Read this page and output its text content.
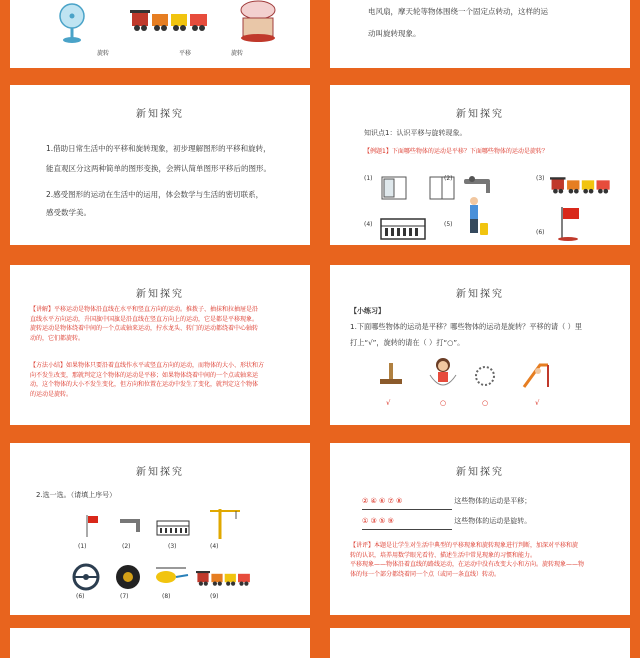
旋转	平移	旋转
电风扇，摩天轮等物体围绕一个固定点转动，这样的运
动叫旋转现象。
新知探究
1.借助日常生活中的平移和旋转现象，初步理解图形的平移和旋转，
能直观区分这两种简单的图形变换，会辨认简单图形平移后的图形。
2.感受图形的运动在生活中的运用，体会数学与生活的密切联系，
感受数学美。
新知探究
知识点1：认识平移与旋转现象。
【例题1】下面哪些物体的运动是平移？下面哪些物体的运动是旋转？
(1)	(2)	(3)
(4)	(5)
(6)
新知探究
【讲解】平移运动是物体沿直线在水平和竖直方向的运动。推拨子、抽抹和拉抽屉是沿
直线水平方向运动，升国旗中国旗是沿直线在竖直方向上的运动，它是都是平移现象。
旋转运动是物体绕着中间的一个点或轴来运动，拧水龙头、转门的运动都绕着中心轴转
动的，它们都旋转。
【方法小结】如果物体只要沿着直线作水平或竖直方向的运动，而物体的大小、形状和方
向不发生改变，那就判定这个物体的运动是平移；如果物体绕着中间的一个点或轴来运
动，这个物体的大小不发生变化，但方向和位置在运动中发生了变化，就判定这个物体
的运动是旋转。
新知探究
【小练习】
1.下面哪些物体的运动是平移？哪些物体的运动是旋转？平移的请（ ）里
打上“√”，旋转的请在（ ）打“○”。
√	○	○	√
新知探究
2.选一选。（请填上序号）
(1)	(2)	(3)	(4)
(6)	(7)	(8)	(9)
新知探究
② ④ ⑥ ⑦ ⑧	这些物体的运动是平移；
① ③ ⑤ ⑨	这些物体的运动是旋转。
【讲评】本题是让学生对生活中典型的平移现象和旋转现象进行判断，加深对平移和旋
转的认识，培养用数学眼光看待、描述生活中常见现象的习惯和能力。
平移现象——物体沿着直线的路线运动，在运动中没有改变大小和方向。旋转现象——物
体的每一个部分都绕着同一个点（或同一条直线）转动。
